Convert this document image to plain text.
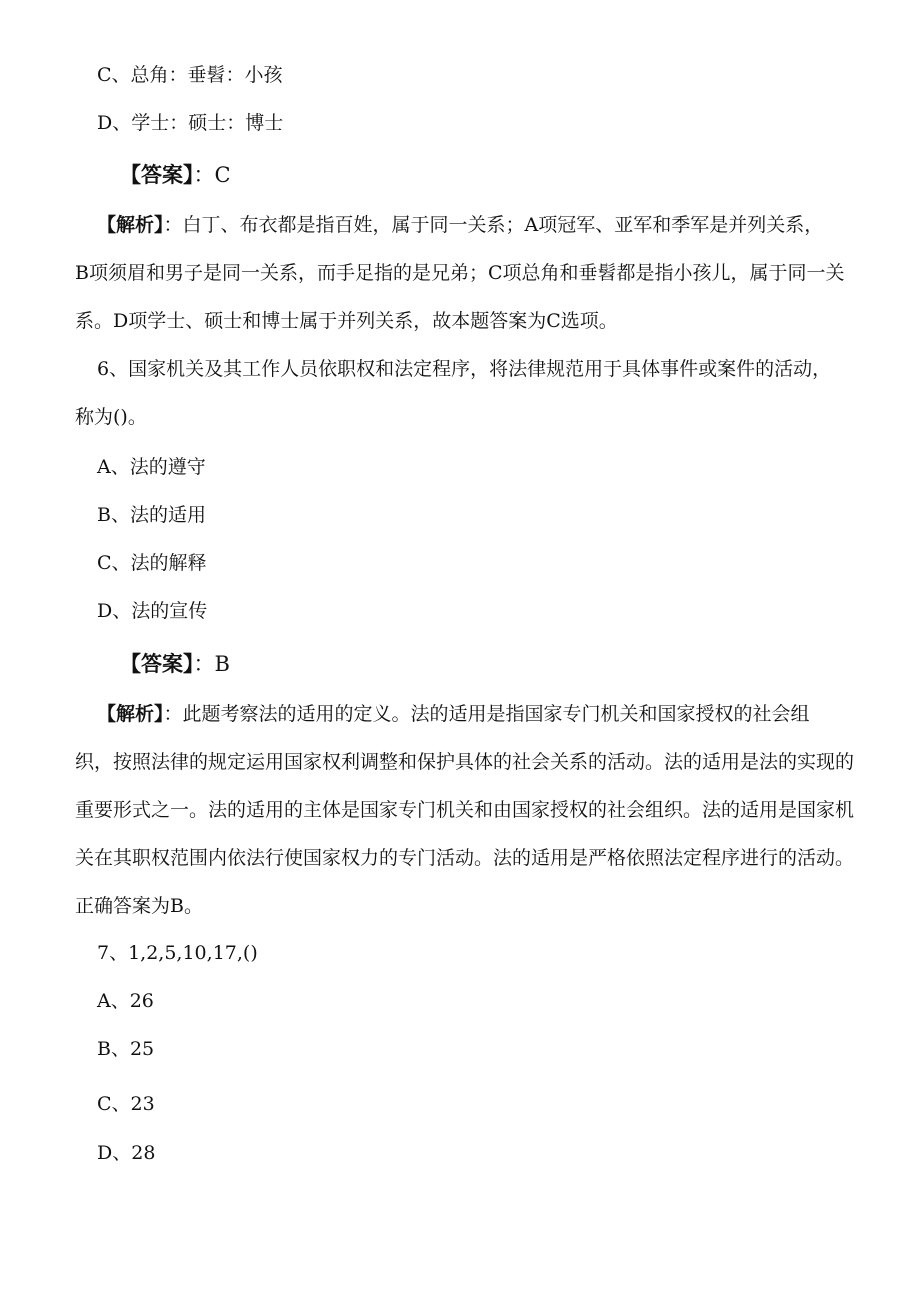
C、总角：垂髫：小孩
D、学士：硕士：博士
【答案】：C
【解析】：白丁、布衣都是指百姓，属于同一关系；A项冠军、亚军和季军是并列关系，
B项须眉和男子是同一关系，而手足指的是兄弟；C项总角和垂髫都是指小孩儿，属于同一关
系。D项学士、硕士和博士属于并列关系，故本题答案为C选项。
6、国家机关及其工作人员依职权和法定程序，将法律规范用于具体事件或案件的活动，
称为()。
A、法的遵守
B、法的适用
C、法的解释
D、法的宣传
【答案】：B
【解析】：此题考察法的适用的定义。法的适用是指国家专门机关和国家授权的社会组
织，按照法律的规定运用国家权利调整和保护具体的社会关系的活动。法的适用是法的实现的
重要形式之一。法的适用的主体是国家专门机关和由国家授权的社会组织。法的适用是国家机
关在其职权范围内依法行使国家权力的专门活动。法的适用是严格依照法定程序进行的活动。
正确答案为B。
7、1,2,5,10,17,()
A、26
B、25
C、23
D、28
